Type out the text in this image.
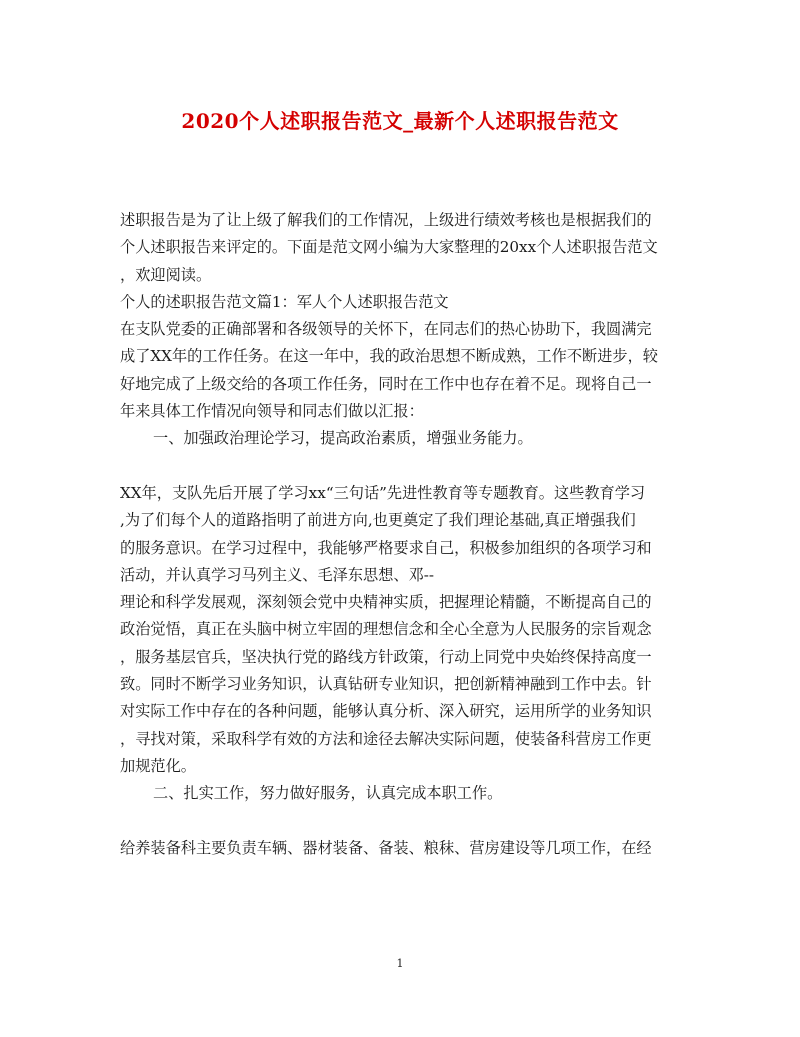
2020个人述职报告范文_最新个人述职报告范文
述职报告是为了让上级了解我们的工作情况，上级进行绩效考核也是根据我们的
个人述职报告来评定的。下面是范文网小编为大家整理的20xx个人述职报告范文
，欢迎阅读。
个人的述职报告范文篇1：军人个人述职报告范文
在支队党委的正确部署和各级领导的关怀下，在同志们的热心协助下，我圆满完
成了XX年的工作任务。在这一年中，我的政治思想不断成熟，工作不断进步，较
好地完成了上级交给的各项工作任务，同时在工作中也存在着不足。现将自己一
年来具体工作情况向领导和同志们做以汇报：
一、加强政治理论学习，提高政治素质，增强业务能力。
XX年，支队先后开展了学习xx“三句话”先进性教育等专题教育。这些教育学习
,为了们每个人的道路指明了前进方向,也更奠定了我们理论基础,真正增强我们
的服务意识。在学习过程中，我能够严格要求自己，积极参加组织的各项学习和
活动，并认真学习马列主义、毛泽东思想、邓--
理论和科学发展观，深刻领会党中央精神实质，把握理论精髓，不断提高自己的
政治觉悟，真正在头脑中树立牢固的理想信念和全心全意为人民服务的宗旨观念
，服务基层官兵，坚决执行党的路线方针政策，行动上同党中央始终保持高度一
致。同时不断学习业务知识，认真钻研专业知识，把创新精神融到工作中去。针
对实际工作中存在的各种问题，能够认真分析、深入研究，运用所学的业务知识
，寻找对策，采取科学有效的方法和途径去解决实际问题，使装备科营房工作更
加规范化。
二、扎实工作，努力做好服务，认真完成本职工作。
给养装备科主要负责车辆、器材装备、备装、粮秣、营房建设等几项工作，在经
1
